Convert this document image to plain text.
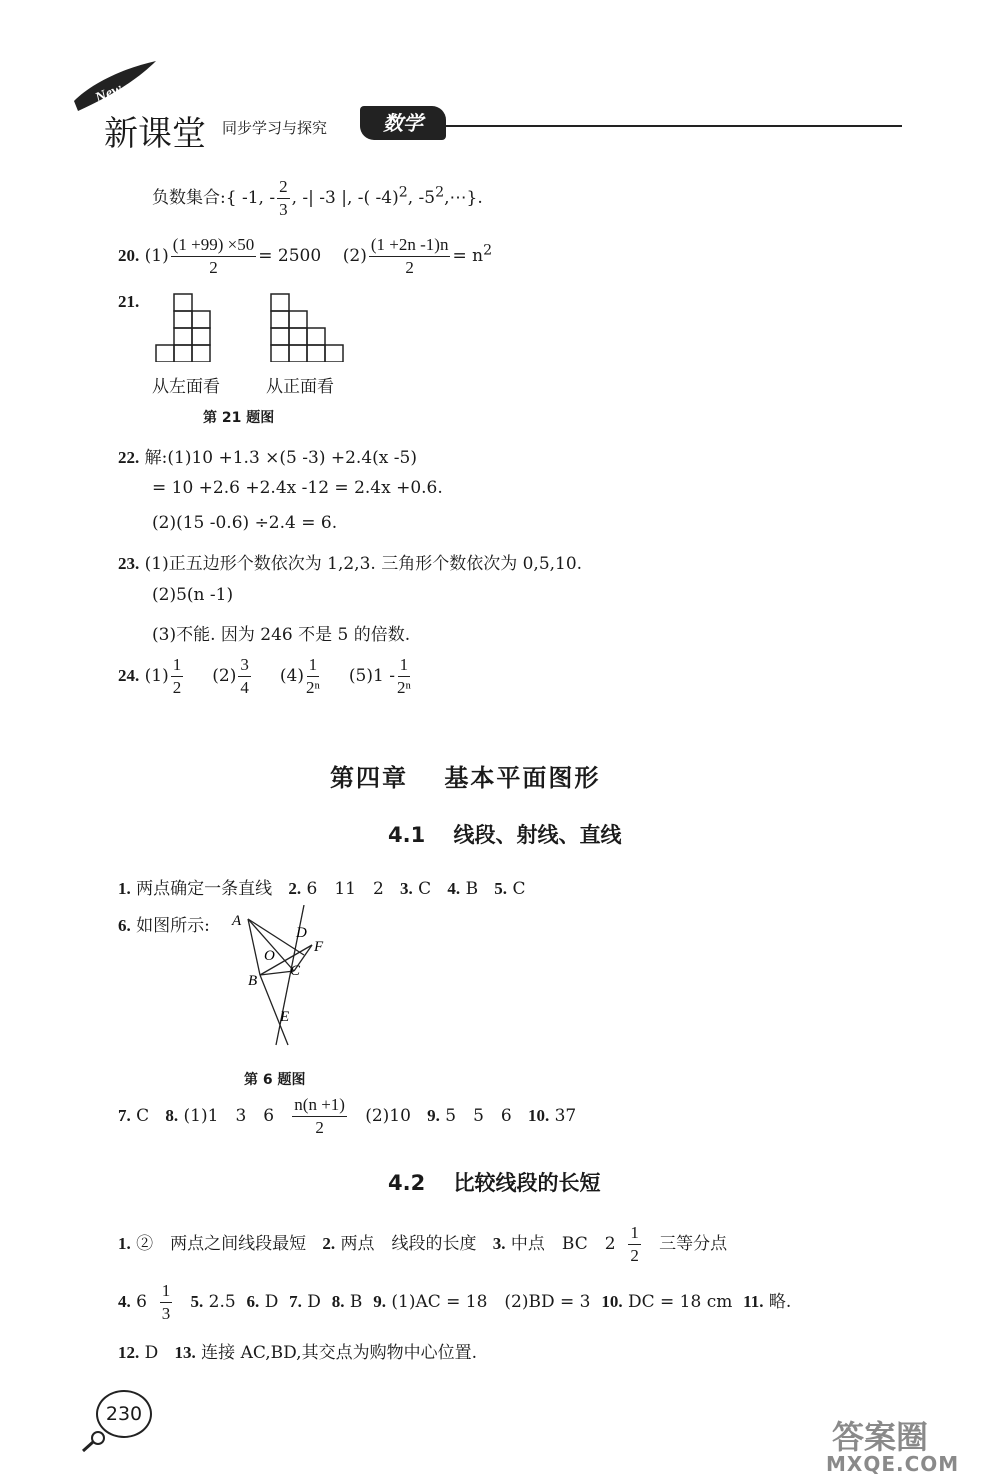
New
新课堂 同步学习与探究	数学
负数集合:{ -1, - $\frac{2}{3}$ , -| -3 |, -( -4)$^2$, $-5^2,\cdots$}.
20. $(1) \frac{(1 +99) \times 50}{2} = 2500$ $(2) \frac{(1 +2n -1)n}{2} = n^2$
21.
从左面看	从正面看
第 21 题图
22. 解:(1)10 +1.3 ×(5 -3) +2.4(x -5)
= 10 +2.6 +2.4x -12 = 2.4x +0.6.
(2)(15 -0.6) ÷2.4 = 6.
23. (1)正五边形个数依次为 1,2,3. 三角形个数依次为 0,5,10.
(2)5(n -1)
(3)不能. 因为 246 不是 5 的倍数.
24. $(1) \frac{1}{2} (2) \frac{3}{4} (4) \frac{1}{\text{2ⁿ}} (5)1 - \frac{1}{\text{2ⁿ}}$
第四章　 基本平面图形
4.1　 线段、射线、直线
1. 两点确定一条直线 2. 6　11　2 3. C 4. B 5. C
6. 如图所示: A
D
F
O
C
B
E
第 6 题图
7. C 8. (1)1　3　$6 \frac{n(n +1)}{2} (2)10$ 9. 5　5　6 10. 37
4.2　 比较线段的长短
1. ②　两点之间线段最短 2. 两点　线段的长度 3. 中点　BC　$2 \frac{1}{2}$ 三等分点
4. $6 \frac{1}{3} 5$. 2.5 6. D 7. D 8. B 9. (1)AC = 18　(2)BD = 3 10. DC = 18 cm 11. 略.
12. D 13. 连接 AC,BD,其交点为购物中心位置.
230
答案圈
MXQE.COM
